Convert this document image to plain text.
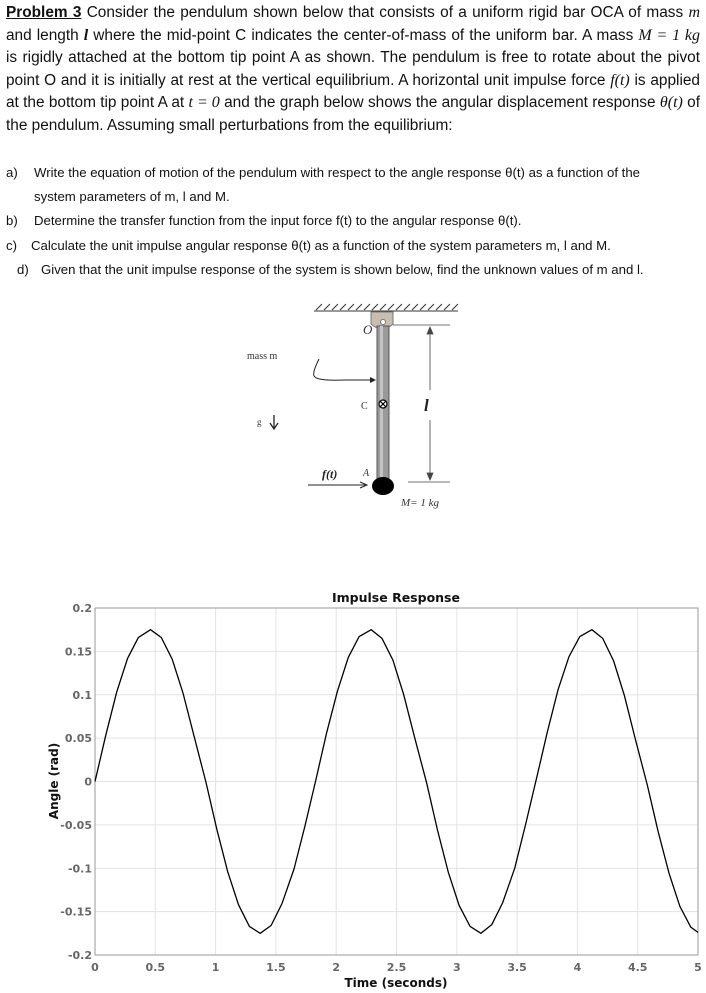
Problem 3 Consider the pendulum shown below that consists of a uniform rigid bar OCA of mass m and length l where the mid-point C indicates the center-of-mass of the uniform bar. A mass M = 1 kg is rigidly attached at the bottom tip point A as shown. The pendulum is free to rotate about the pivot point O and it is initially at rest at the vertical equilibrium. A horizontal unit impulse force f(t) is applied at the bottom tip point A at t = 0 and the graph below shows the angular displacement response θ(t) of the pendulum. Assuming small perturbations from the equilibrium:
a) Write the equation of motion of the pendulum with respect to the angle response θ(t) as a function of the
system parameters of m, l and M.
b) Determine the transfer function from the input force f(t) to the angular response θ(t).
c) Calculate the unit impulse angular response θ(t) as a function of the system parameters m, l and M.
d) Given that the unit impulse response of the system is shown below, find the unknown values of m and l.
O
C
A
mass m
g
l
f(t)
M= 1 kg
Impulse Response
0.2
0.15
0.1
0.05
0
-0.05
-0.1
-0.15
-0.2
0	0.5	1	1.5	2	2.5	3	3.5	4	4.5	5
Time (seconds)
Angle (rad)
